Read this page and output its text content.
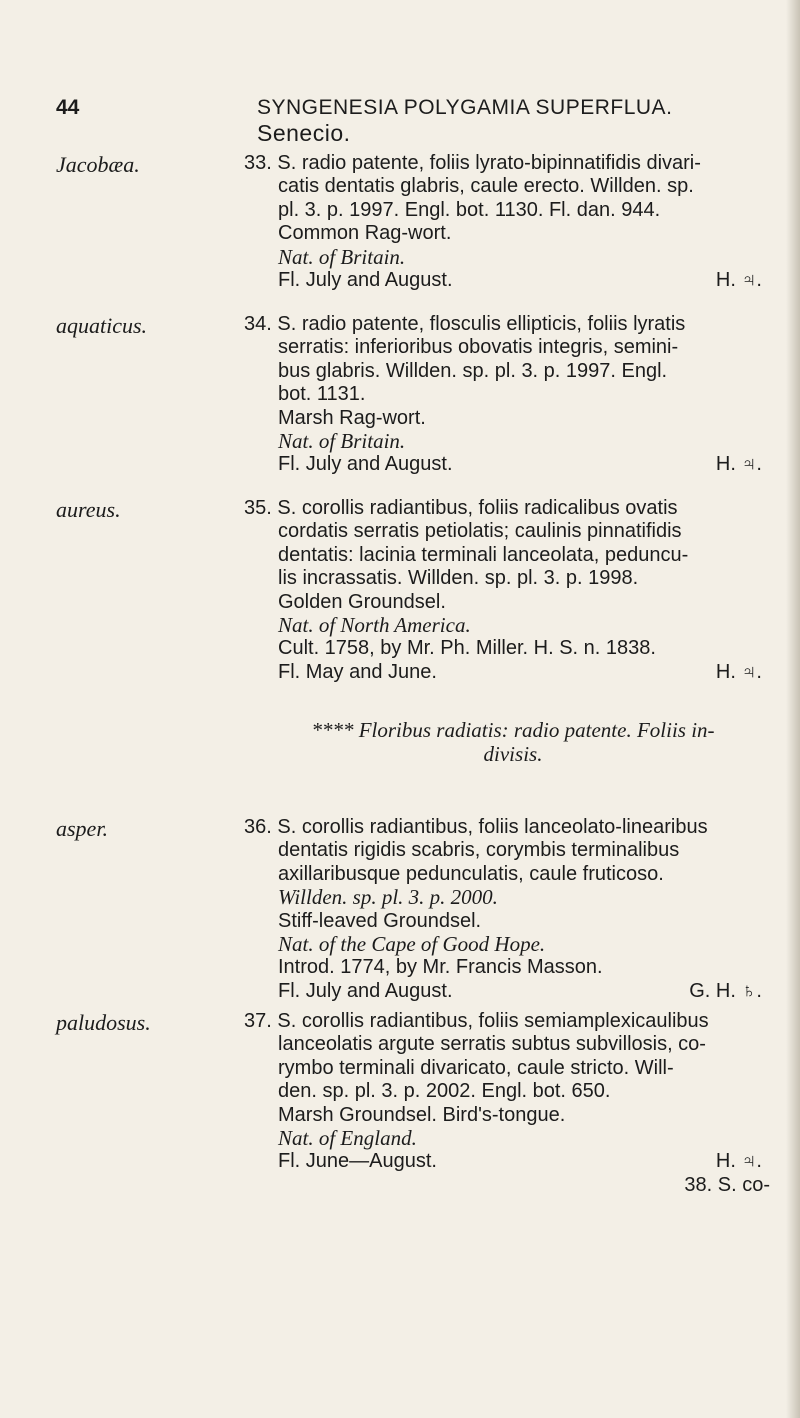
44	SYNGENESIA POLYGAMIA SUPERFLUA. Senecio.
Jacobæa.	33. S. radio patente, foliis lyrato-bipinnatifidis divari-
catis dentatis glabris, caule erecto. Willden. sp.
pl. 3. p. 1997. Engl. bot. 1130. Fl. dan. 944.
Common Rag-wort.
Nat. of Britain.
Fl. July and August.	H. ♃.
aquaticus.	34. S. radio patente, flosculis ellipticis, foliis lyratis
serratis: inferioribus obovatis integris, semini-
bus glabris. Willden. sp. pl. 3. p. 1997. Engl.
bot. 1131.
Marsh Rag-wort.
Nat. of Britain.
Fl. July and August.	H. ♃.
aureus.	35. S. corollis radiantibus, foliis radicalibus ovatis
cordatis serratis petiolatis; caulinis pinnatifidis
dentatis: lacinia terminali lanceolata, peduncu-
lis incrassatis. Willden. sp. pl. 3. p. 1998.
Golden Groundsel.
Nat. of North America.
Cult. 1758, by Mr. Ph. Miller. H. S. n. 1838.
Fl. May and June.	H. ♃.
**** Floribus radiatis: radio patente. Foliis in-
divisis.
asper.	36. S. corollis radiantibus, foliis lanceolato-linearibus
dentatis rigidis scabris, corymbis terminalibus
axillaribusque pedunculatis, caule fruticoso.
Willden. sp. pl. 3. p. 2000.
Stiff-leaved Groundsel.
Nat. of the Cape of Good Hope.
Introd. 1774, by Mr. Francis Masson.
Fl. July and August.	G. H. ♄.
paludosus.	37. S. corollis radiantibus, foliis semiamplexicaulibus
lanceolatis argute serratis subtus subvillosis, co-
rymbo terminali divaricato, caule stricto. Will-
den. sp. pl. 3. p. 2002. Engl. bot. 650.
Marsh Groundsel. Bird's-tongue.
Nat. of England.
Fl. June—August.	H. ♃.
38. S. co-
